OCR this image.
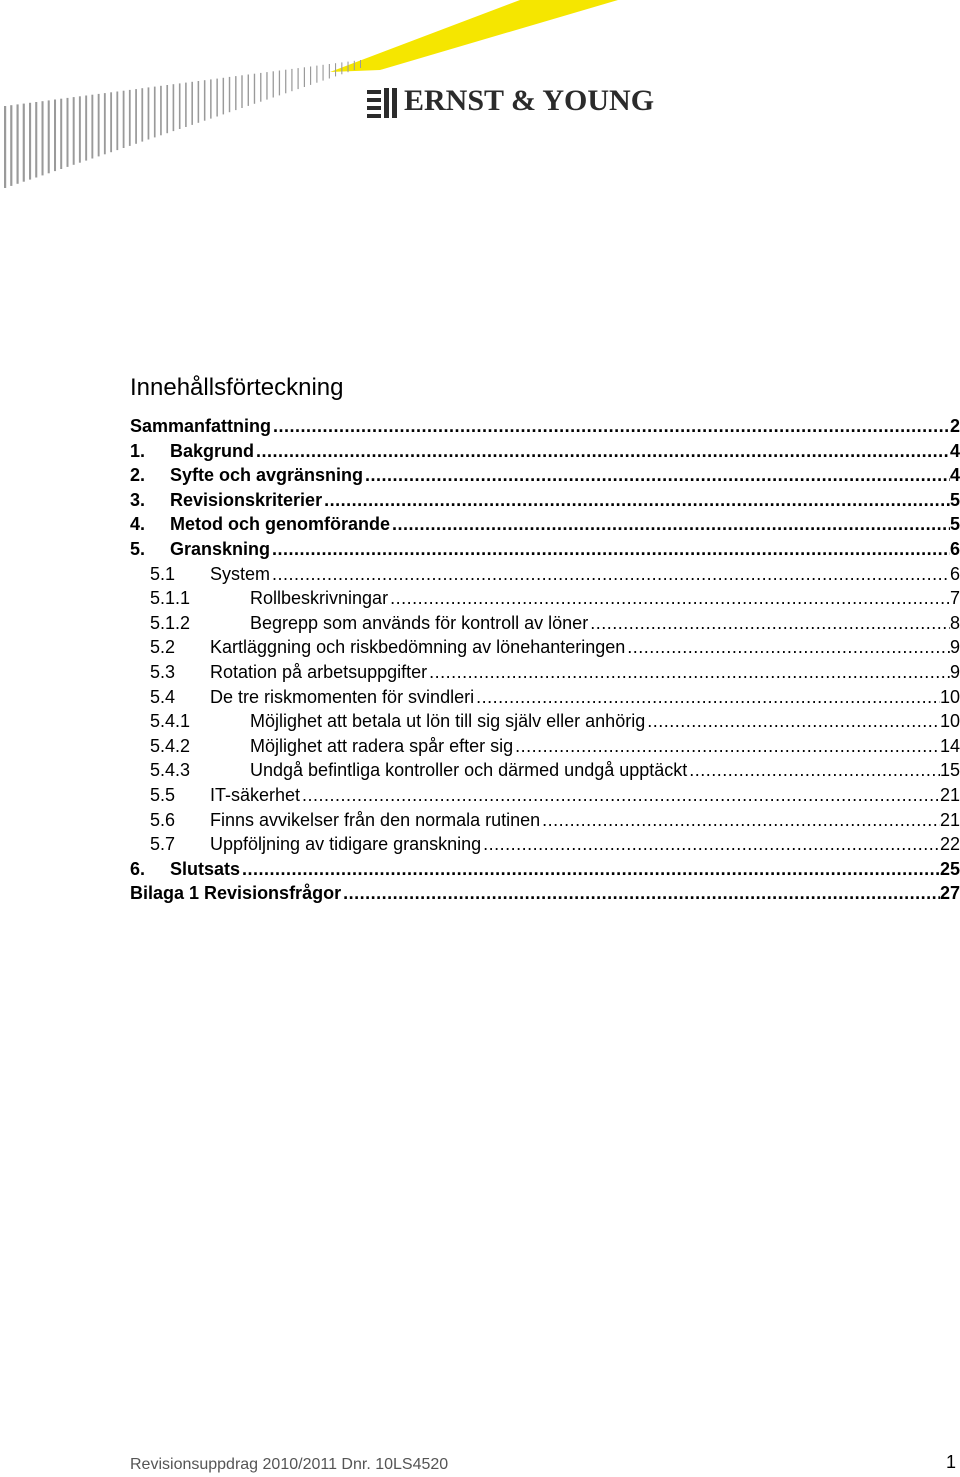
ERNST & YOUNG
Innehållsförteckning
Sammanfattning .....	2
1.	Bakgrund .....	4
2.	Syfte och avgränsning .....	4
3.	Revisionskriterier .....	5
4.	Metod och genomförande .....	5
5.	Granskning .....	6
5.1	System .....	6
5.1.1	Rollbeskrivningar .....	7
5.1.2	Begrepp som används för kontroll av löner .....	8
5.2	Kartläggning och riskbedömning av lönehanteringen .....	9
5.3	Rotation på arbetsuppgifter .....	9
5.4	De tre riskmomenten för svindleri .....	10
5.4.1	Möjlighet att betala ut lön till sig själv eller anhörig .....	10
5.4.2	Möjlighet att radera spår efter sig .....	14
5.4.3	Undgå befintliga kontroller och därmed undgå upptäckt .....	15
5.5	IT-säkerhet .....	21
5.6	Finns avvikelser från den normala rutinen .....	21
5.7	Uppföljning av tidigare granskning .....	22
6.	Slutsats .....	25
Bilaga 1 Revisionsfrågor .....	27
Revisionsuppdrag 2010/2011 Dnr. 10LS4520	1
